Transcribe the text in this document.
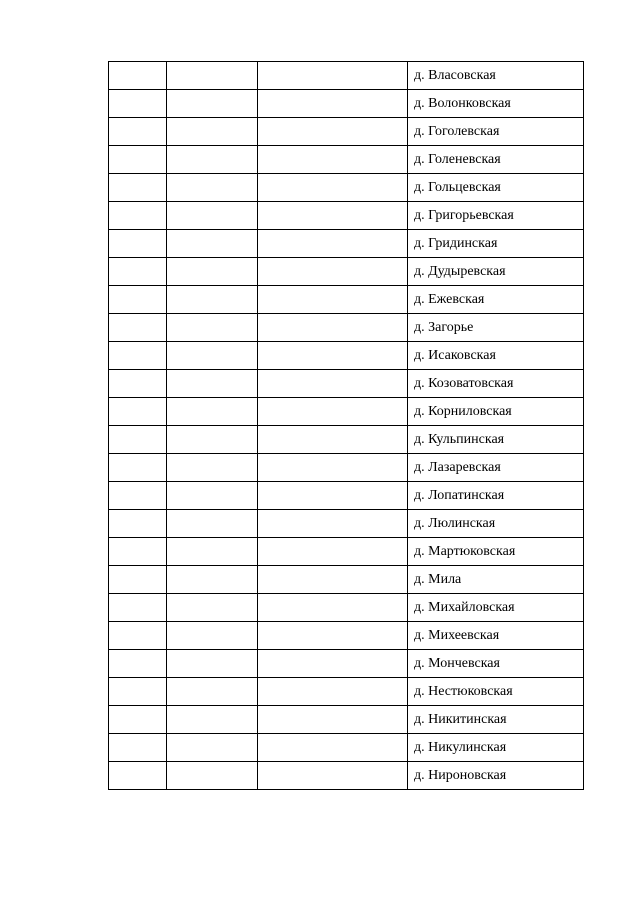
			д. Власовская
			д. Волонковская
			д. Гоголевская
			д. Голеневская
			д. Гольцевская
			д. Григорьевская
			д. Гридинская
			д. Дудыревская
			д. Ежевская
			д. Загорье
			д. Исаковская
			д. Козоватовская
			д. Корниловская
			д. Кульпинская
			д. Лазаревская
			д. Лопатинская
			д. Люлинская
			д. Мартюковская
			д. Мила
			д. Михайловская
			д. Михеевская
			д. Мончевская
			д. Нестюковская
			д. Никитинская
			д. Никулинская
			д. Нироновская
